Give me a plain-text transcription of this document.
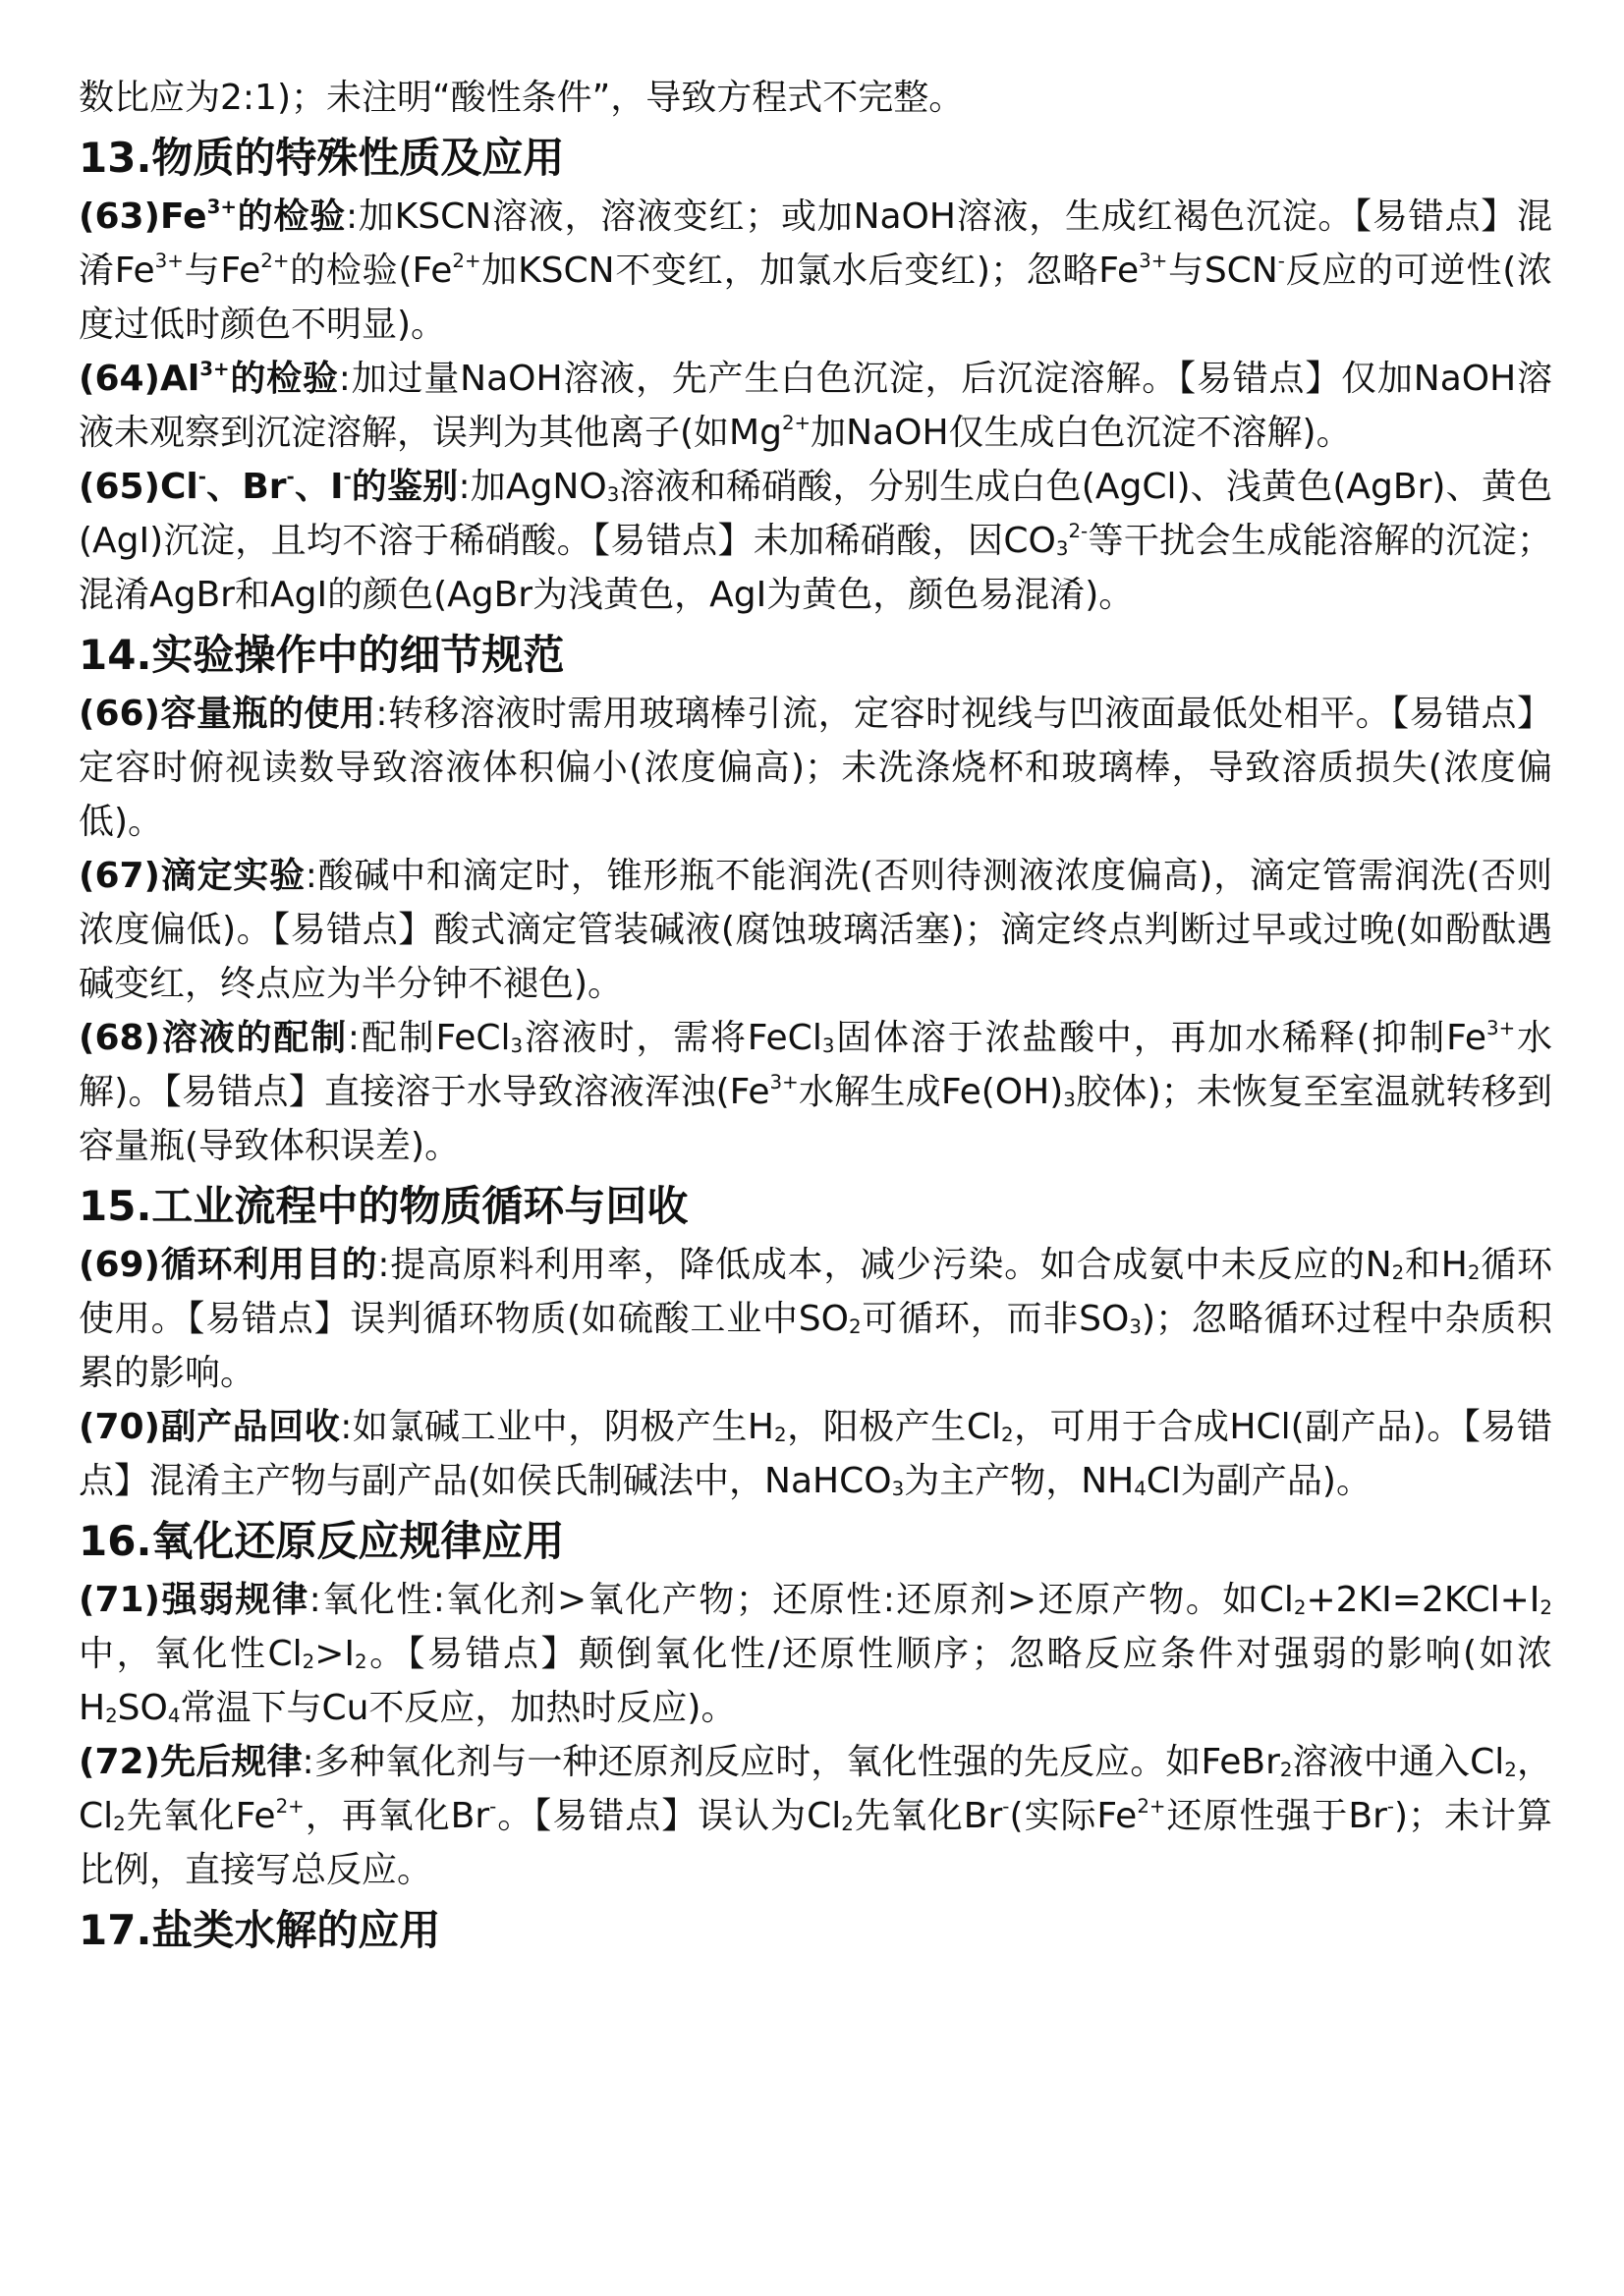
数比应为2:1)；未注明“酸性条件”，导致方程式不完整。
13.物质的特殊性质及应用
$(63)Fe^{3+}$的检验:加KSCN溶液，溶液变红；或加NaOH溶液，生成红褐色沉淀。【易错点】混淆$Fe^{3+}$与$Fe^{2+}$的检验($Fe^{2+}$加KSCN不变红，加氯水后变红)；忽略$Fe^{3+}$与SCN-反应的可逆性(浓度过低时颜色不明显)。
$(64)Al^{3+}$的检验:加过量NaOH溶液，先产生白色沉淀，后沉淀溶解。【易错点】仅加NaOH溶液未观察到沉淀溶解，误判为其他离子(如$Mg^{2+}$加NaOH仅生成白色沉淀不溶解)。
(65)Cl-、Br-、I-的鉴别:加AgNO$_3$溶液和稀硝酸，分别生成白色(AgCl)、浅黄色(AgBr)、黄色(AgI)沉淀，且均不溶于稀硝酸。【易错点】未加稀硝酸，因$CO_3^{2-}$等干扰会生成能溶解的沉淀；混淆AgBr和AgI的颜色(AgBr为浅黄色，AgI为黄色，颜色易混淆)。
14.实验操作中的细节规范
(66)容量瓶的使用:转移溶液时需用玻璃棒引流，定容时视线与凹液面最低处相平。【易错点】定容时俯视读数导致溶液体积偏小(浓度偏高)；未洗涤烧杯和玻璃棒，导致溶质损失(浓度偏低)。
(67)滴定实验:酸碱中和滴定时，锥形瓶不能润洗(否则待测液浓度偏高)，滴定管需润洗(否则浓度偏低)。【易错点】酸式滴定管装碱液(腐蚀玻璃活塞)；滴定终点判断过早或过晚(如酚酞遇碱变红，终点应为半分钟不褪色)。
(68)溶液的配制:配制FeCl$_3$溶液时，需将FeCl$_3$固体溶于浓盐酸中，再加水稀释(抑制$Fe^{3+}$水解)。【易错点】直接溶于水导致溶液浑浊($Fe^{3+}$水解生成$Fe(OH)_3$胶体)；未恢复至室温就转移到容量瓶(导致体积误差)。
15.工业流程中的物质循环与回收
(69)循环利用目的:提高原料利用率，降低成本，减少污染。如合成氨中未反应的$N_2$和$H_2$循环使用。【易错点】误判循环物质(如硫酸工业中$SO_2$可循环，而非$SO_3$)；忽略循环过程中杂质积累的影响。
(70)副产品回收:如氯碱工业中，阴极产生$H_2$，阳极产生$Cl_2$，可用于合成HCl(副产品)。【易错点】混淆主产物与副产品(如侯氏制碱法中，NaHCO$_3$为主产物，$NH_4Cl$为副产品)。
16.氧化还原反应规律应用
(71)强弱规律:氧化性:氧化剂>氧化产物；还原性:还原剂>还原产物。如$Cl_2+2KI=2KCl+I_2$中，氧化性$Cl_2>I_2$。【易错点】颠倒氧化性/还原性顺序；忽略反应条件对强弱的影响(如浓$H_2SO_4$常温下与Cu不反应，加热时反应)。
(72)先后规律:多种氧化剂与一种还原剂反应时，氧化性强的先反应。如FeBr$_2$溶液中通入$Cl_2$，$Cl_2$先氧化$Fe^{2+}$，再氧化Br-。【易错点】误认为$Cl_2$先氧化Br-(实际$Fe^{2+}$还原性强于Br-)；未计算比例，直接写总反应。
17.盐类水解的应用
